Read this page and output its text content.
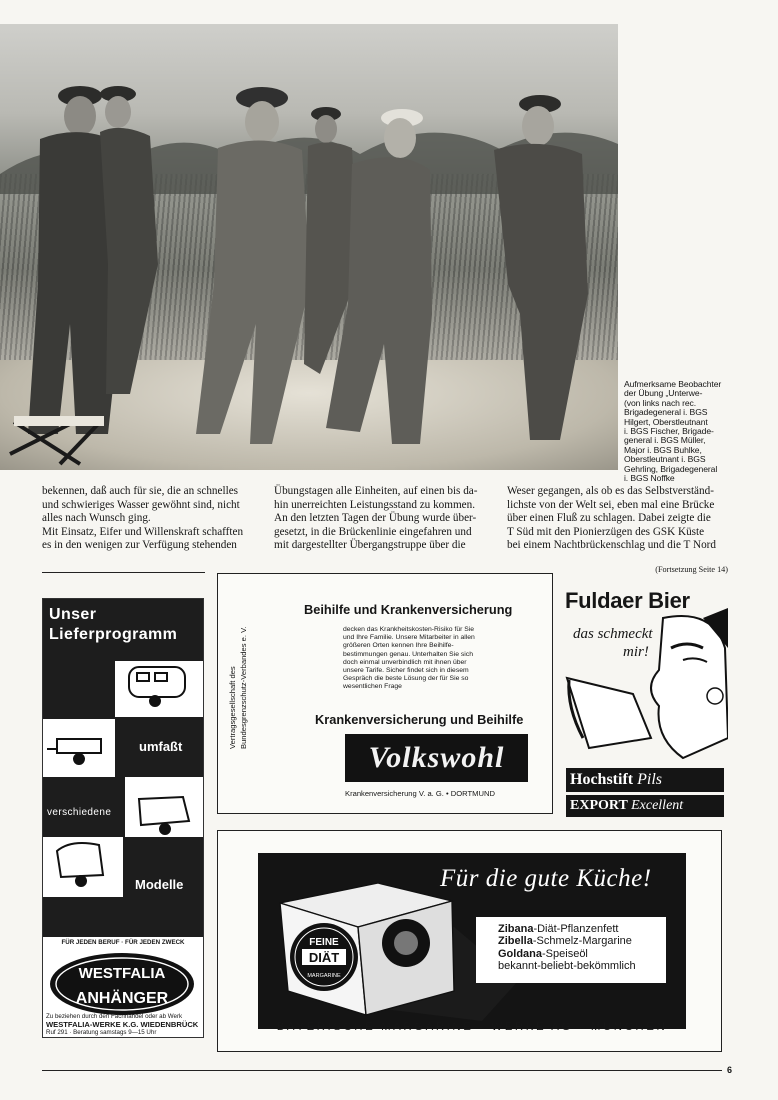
Aufmerksame Beobachter
der Übung „Unterwe-
(von links nach rec.
Brigadegeneral i. BGS
Hilgert, Oberstleutnant
i. BGS Fischer, Brigade-
general i. BGS Müller,
Major i. BGS Buhlke,
Oberstleutnant i. BGS
Gehrling, Brigadegeneral
i. BGS Noffke
bekennen, daß auch für sie, die an schnelles
und schwieriges Wasser gewöhnt sind, nicht
alles nach Wunsch ging.
Mit Einsatz, Eifer und Willenskraft schafften
es in den wenigen zur Verfügung stehenden
Übungstagen alle Einheiten, auf einen bis da-
hin unerreichten Leistungsstand zu kommen.
An den letzten Tagen der Übung wurde über-
gesetzt, in die Brückenlinie eingefahren und
mit dargestellter Übergangstruppe über die
Weser gegangen, als ob es das Selbstverständ-
lichste von der Welt sei, eben mal eine Brücke
über einen Fluß zu schlagen. Dabei zeigte die
T Süd mit den Pionierzügen des GSK Küste
bei einem Nachtbrückenschlag und die T Nord
(Fortsetzung Seite 14)
Unser
Lieferprogramm
umfaßt
verschiedene
Modelle
FÜR JEDEN BERUF · FÜR JEDEN ZWECK
WESTFALIA
ANHÄNGER
Zu beziehen durch den Fachhandel oder ab Werk
WESTFALIA-WERKE K.G. WIEDENBRÜCK
Ruf 291 · Beratung samstags 9—15 Uhr
Vertragsgesellschaft des Bundesgrenzschutz-Verbandes e. V.
Beihilfe und Krankenversicherung
decken das Krankheitskosten-Risiko für Sie
und Ihre Familie. Unsere Mitarbeiter in allen
größeren Orten kennen Ihre Beihilfe-
bestimmungen genau. Unterhalten Sie sich
doch einmal unverbindlich mit ihnen über
unsere Tarife. Sicher findet sich in diesem
Gespräch die beste Lösung der für Sie so
wesentlichen Frage
Krankenversicherung und Beihilfe
Volkswohl
Krankenversicherung V. a. G. • DORTMUND
Fuldaer Bier
das schmeckt
mir!
Hochstift Pils
EXPORT Excellent
FEINE
DIÄT
MARGARINE
Für die gute Küche!
Zibana-Diät-Pflanzenfett
Zibella-Schmelz-Margarine
Goldana-Speiseöl
bekannt-beliebt-bekömmlich
BAYERISCHE MARGARINE - WERKE AG · MÜNCHEN
6
